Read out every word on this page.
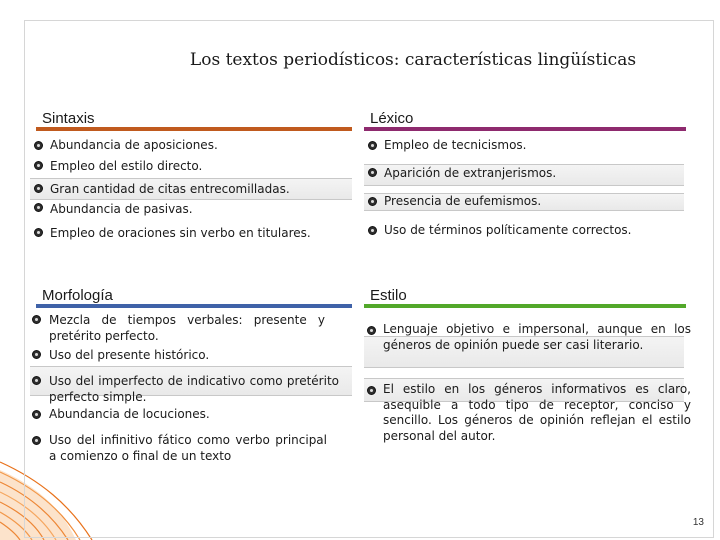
Los textos periodísticos: características lingüísticas
Sintaxis
Abundancia de aposiciones.
Empleo del estilo directo.
Gran cantidad de citas entrecomilladas.
Abundancia de pasivas.
Empleo de oraciones sin verbo en titulares.
Léxico
Empleo de tecnicismos.
Aparición de extranjerismos.
Presencia de eufemismos.
Uso de términos políticamente correctos.
Morfología
Mezcla de tiempos verbales: presente y pretérito perfecto.
Uso del presente histórico.
Uso del imperfecto de indicativo como pretérito perfecto simple.
Abundancia de locuciones.
Uso del infinitivo fático como verbo principal a comienzo o final de un texto
Estilo
Lenguaje objetivo e impersonal, aunque en los géneros de opinión puede ser casi literario.
El estilo en los géneros informativos es claro, asequible a todo tipo de receptor, conciso y sencillo. Los géneros de opinión reflejan el estilo personal del autor.
13
